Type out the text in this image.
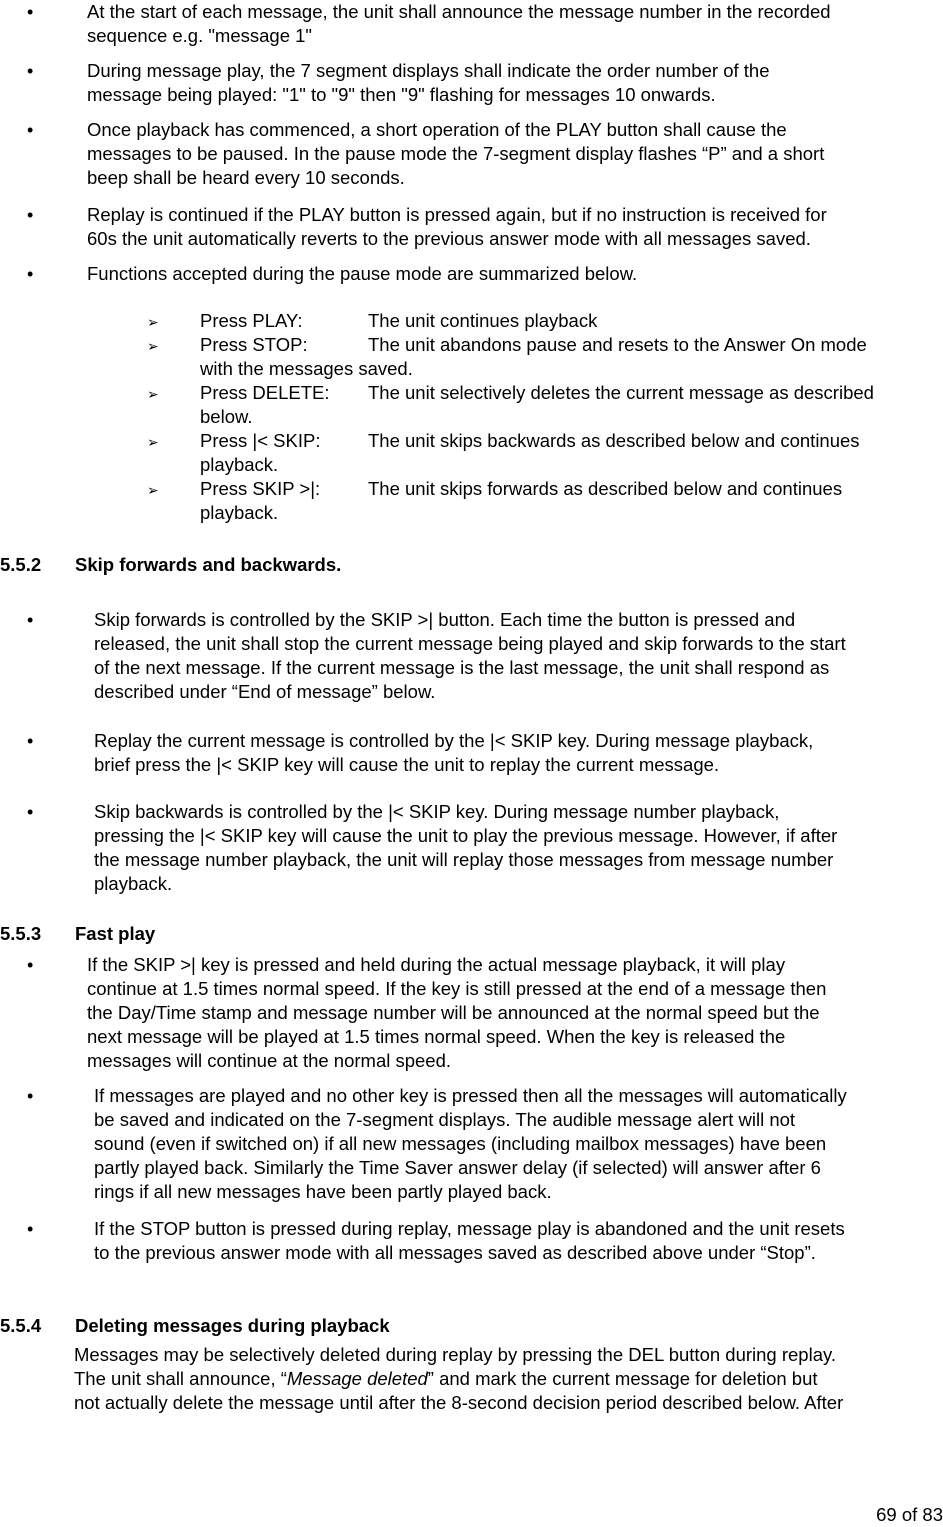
•	At the start of each message, the unit shall announce the message number in the recorded
sequence e.g. "message 1"
•	During message play, the 7 segment displays shall indicate the order number of the
message being played: "1" to "9" then "9" flashing for messages 10 onwards.
•	Once playback has commenced, a short operation of the PLAY button shall cause the
messages to be paused. In the pause mode the 7-segment display flashes “P” and a short
beep shall be heard every 10 seconds.
•	Replay is continued if the PLAY button is pressed again, but if no instruction is received for
60s the unit automatically reverts to the previous answer mode with all messages saved.
•	Functions accepted during the pause mode are summarized below.
➢ Press PLAY:	The unit continues playback
➢ Press STOP:	The unit abandons pause and resets to the Answer On mode
with the messages saved.
➢ Press DELETE: The unit selectively deletes the current message as described
below.
➢ Press |< SKIP:	The unit skips backwards as described below and continues
playback.
➢ Press SKIP >|:	The unit skips forwards as described below and continues
playback.
5.5.2 Skip forwards and backwards.
•	Skip forwards is controlled by the SKIP >| button. Each time the button is pressed and
released, the unit shall stop the current message being played and skip forwards to the start
of the next message. If the current message is the last message, the unit shall respond as
described under “End of message” below.
•	Replay the current message is controlled by the |< SKIP key. During message playback,
brief press the |< SKIP key will cause the unit to replay the current message.
•	Skip backwards is controlled by the |< SKIP key. During message number playback,
pressing the |< SKIP key will cause the unit to play the previous message. However, if after
the message number playback, the unit will replay those messages from message number
playback.
5.5.3 Fast play
•	If the SKIP >| key is pressed and held during the actual message playback, it will play
continue at 1.5 times normal speed. If the key is still pressed at the end of a message then
the Day/Time stamp and message number will be announced at the normal speed but the
next message will be played at 1.5 times normal speed. When the key is released the
messages will continue at the normal speed.
•	If messages are played and no other key is pressed then all the messages will automatically
be saved and indicated on the 7-segment displays. The audible message alert will not
sound (even if switched on) if all new messages (including mailbox messages) have been
partly played back. Similarly the Time Saver answer delay (if selected) will answer after 6
rings if all new messages have been partly played back.
•	If the STOP button is pressed during replay, message play is abandoned and the unit resets
to the previous answer mode with all messages saved as described above under “Stop”.
5.5.4 Deleting messages during playback
Messages may be selectively deleted during replay by pressing the DEL button during replay.
The unit shall announce, “Message deleted” and mark the current message for deletion but
not actually delete the message until after the 8-second decision period described below. After
69 of 83
